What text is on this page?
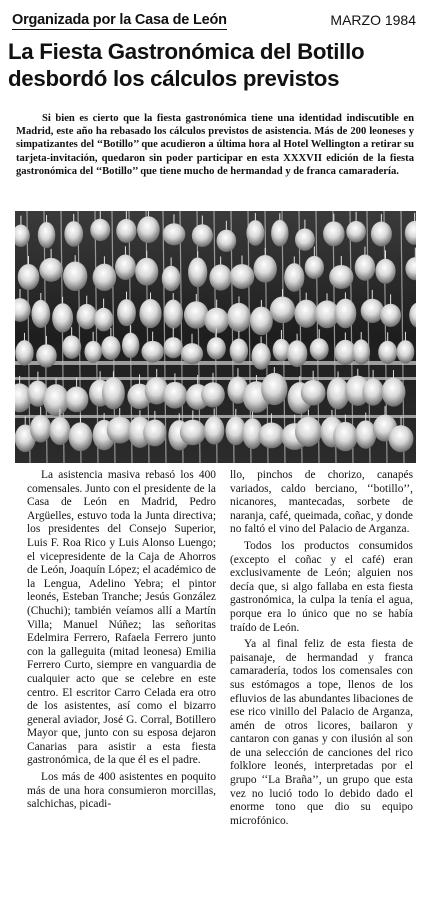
Organizada por la Casa de León	MARZO 1984
La Fiesta Gastronómica del Botillo
desbordó los cálculos previstos

Si bien es cierto que la fiesta gastronómica tiene una identidad indiscutible en Madrid, este año ha rebasado los cálculos previstos de asistencia. Más de 200 leoneses y simpatizantes del ‘‘Botillo’’ que acudieron a última hora al Hotel Wellington a retirar su tarjeta-invitación, quedaron sin poder participar en esta XXXVII edición de la fiesta gastronómica del ‘‘Botillo’’ que tiene mucho de hermandad y de franca camaradería.

La asistencia masiva rebasó los 400 comensales. Junto con el presidente de la Casa de León en Madrid, Pedro Argüelles, estuvo toda la Junta directiva; los presidentes del Consejo Superior, Luis F. Roa Rico y Luis Alonso Luengo; el vicepresidente de la Caja de Ahorros de León, Joaquín López; el académico de la Lengua, Adelino Yebra; el pintor leonés, Esteban Tranche; Jesús González (Chuchi); también veíamos allí a Martín Villa; Manuel Núñez; las señoritas Edelmira Ferrero, Rafaela Ferrero junto con la galleguita (mitad leonesa) Emilia Ferrero Curto, siempre en vanguardia de cualquier acto que se celebre en este centro. El escritor Carro Celada era otro de los asistentes, así como el bizarro general aviador, José G. Corral, Botillero Mayor que, junto con su esposa dejaron Canarias para asistir a esta fiesta gastronómica, de la que él es el padre.

Los más de 400 asistentes en poquito más de una hora consumieron morcillas, salchichas, picadi-

llo, pinchos de chorizo, canapés variados, caldo berciano, ‘‘botillo’’, nicanores, mantecadas, sorbete de naranja, café, queimada, coñac, y donde no faltó el vino del Palacio de Arganza.

Todos los productos consumidos (excepto el coñac y el café) eran exclusivamente de León; alguien nos decía que, si algo fallaba en esta fiesta gastronómica, la culpa la tenía el agua, porque era lo único que no se había traído de León.

Ya al final feliz de esta fiesta de paisanaje, de hermandad y franca camaradería, todos los comensales con sus estómagos a tope, llenos de los efluvios de las abundantes libaciones de ese rico vinillo del Palacio de Arganza, amén de otros licores, bailaron y cantaron con ganas y con ilusión al son de una selección de canciones del rico folklore leonés, interpretadas por el grupo ‘‘La Braña’’, un grupo que esta vez no lució todo lo debido dado el enorme tono que dio su equipo microfónico.
